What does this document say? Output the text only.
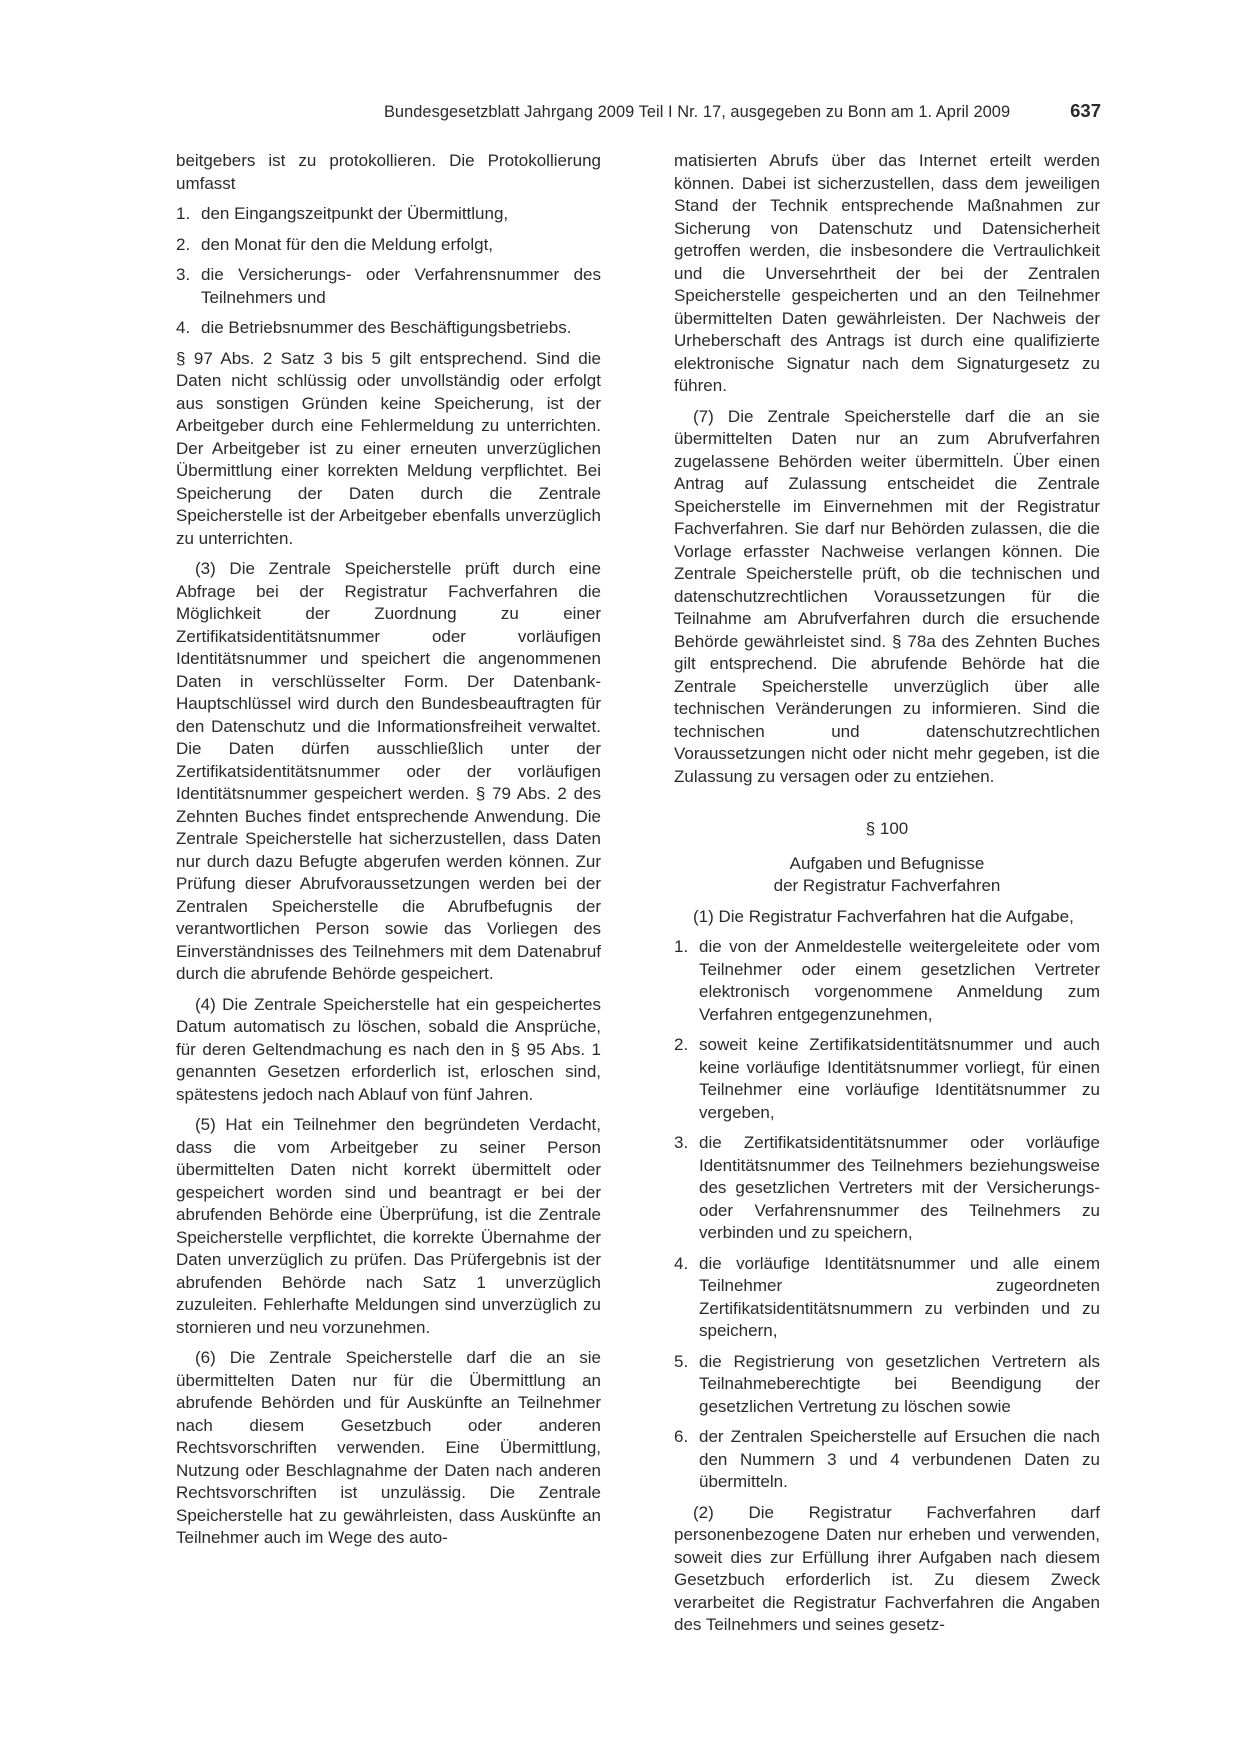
Bundesgesetzblatt Jahrgang 2009 Teil I Nr. 17, ausgegeben zu Bonn am 1. April 2009	637

beitgebers ist zu protokollieren. Die Protokollierung umfasst

1. den Eingangszeitpunkt der Übermittlung,
2. den Monat für den die Meldung erfolgt,
3. die Versicherungs- oder Verfahrensnummer des Teilnehmers und
4. die Betriebsnummer des Beschäftigungsbetriebs.

§ 97 Abs. 2 Satz 3 bis 5 gilt entsprechend. Sind die Daten nicht schlüssig oder unvollständig oder erfolgt aus sonstigen Gründen keine Speicherung, ist der Arbeitgeber durch eine Fehlermeldung zu unterrichten. Der Arbeitgeber ist zu einer erneuten unverzüglichen Übermittlung einer korrekten Meldung verpflichtet. Bei Speicherung der Daten durch die Zentrale Speicherstelle ist der Arbeitgeber ebenfalls unverzüglich zu unterrichten.

(3) Die Zentrale Speicherstelle prüft durch eine Abfrage bei der Registratur Fachverfahren die Möglichkeit der Zuordnung zu einer Zertifikatsidentitätsnummer oder vorläufigen Identitätsnummer und speichert die angenommenen Daten in verschlüsselter Form. Der Datenbank-Hauptschlüssel wird durch den Bundesbeauftragten für den Datenschutz und die Informationsfreiheit verwaltet. Die Daten dürfen ausschließlich unter der Zertifikatsidentitätsnummer oder der vorläufigen Identitätsnummer gespeichert werden. § 79 Abs. 2 des Zehnten Buches findet entsprechende Anwendung. Die Zentrale Speicherstelle hat sicherzustellen, dass Daten nur durch dazu Befugte abgerufen werden können. Zur Prüfung dieser Abrufvoraussetzungen werden bei der Zentralen Speicherstelle die Abrufbefugnis der verantwortlichen Person sowie das Vorliegen des Einverständnisses des Teilnehmers mit dem Datenabruf durch die abrufende Behörde gespeichert.

(4) Die Zentrale Speicherstelle hat ein gespeichertes Datum automatisch zu löschen, sobald die Ansprüche, für deren Geltendmachung es nach den in § 95 Abs. 1 genannten Gesetzen erforderlich ist, erloschen sind, spätestens jedoch nach Ablauf von fünf Jahren.

(5) Hat ein Teilnehmer den begründeten Verdacht, dass die vom Arbeitgeber zu seiner Person übermittelten Daten nicht korrekt übermittelt oder gespeichert worden sind und beantragt er bei der abrufenden Behörde eine Überprüfung, ist die Zentrale Speicherstelle verpflichtet, die korrekte Übernahme der Daten unverzüglich zu prüfen. Das Prüfergebnis ist der abrufenden Behörde nach Satz 1 unverzüglich zuzuleiten. Fehlerhafte Meldungen sind unverzüglich zu stornieren und neu vorzunehmen.

(6) Die Zentrale Speicherstelle darf die an sie übermittelten Daten nur für die Übermittlung an abrufende Behörden und für Auskünfte an Teilnehmer nach diesem Gesetzbuch oder anderen Rechtsvorschriften verwenden. Eine Übermittlung, Nutzung oder Beschlagnahme der Daten nach anderen Rechtsvorschriften ist unzulässig. Die Zentrale Speicherstelle hat zu gewährleisten, dass Auskünfte an Teilnehmer auch im Wege des auto-

matisierten Abrufs über das Internet erteilt werden können. Dabei ist sicherzustellen, dass dem jeweiligen Stand der Technik entsprechende Maßnahmen zur Sicherung von Datenschutz und Datensicherheit getroffen werden, die insbesondere die Vertraulichkeit und die Unversehrtheit der bei der Zentralen Speicherstelle gespeicherten und an den Teilnehmer übermittelten Daten gewährleisten. Der Nachweis der Urheberschaft des Antrags ist durch eine qualifizierte elektronische Signatur nach dem Signaturgesetz zu führen.

(7) Die Zentrale Speicherstelle darf die an sie übermittelten Daten nur an zum Abrufverfahren zugelassene Behörden weiter übermitteln. Über einen Antrag auf Zulassung entscheidet die Zentrale Speicherstelle im Einvernehmen mit der Registratur Fachverfahren. Sie darf nur Behörden zulassen, die die Vorlage erfasster Nachweise verlangen können. Die Zentrale Speicherstelle prüft, ob die technischen und datenschutzrechtlichen Voraussetzungen für die Teilnahme am Abrufverfahren durch die ersuchende Behörde gewährleistet sind. § 78a des Zehnten Buches gilt entsprechend. Die abrufende Behörde hat die Zentrale Speicherstelle unverzüglich über alle technischen Veränderungen zu informieren. Sind die technischen und datenschutzrechtlichen Voraussetzungen nicht oder nicht mehr gegeben, ist die Zulassung zu versagen oder zu entziehen.

§ 100
Aufgaben und Befugnisse
der Registratur Fachverfahren

(1) Die Registratur Fachverfahren hat die Aufgabe,

1. die von der Anmeldestelle weitergeleitete oder vom Teilnehmer oder einem gesetzlichen Vertreter elektronisch vorgenommene Anmeldung zum Verfahren entgegenzunehmen,
2. soweit keine Zertifikatsidentitätsnummer und auch keine vorläufige Identitätsnummer vorliegt, für einen Teilnehmer eine vorläufige Identitätsnummer zu vergeben,
3. die Zertifikatsidentitätsnummer oder vorläufige Identitätsnummer des Teilnehmers beziehungsweise des gesetzlichen Vertreters mit der Versicherungs- oder Verfahrensnummer des Teilnehmers zu verbinden und zu speichern,
4. die vorläufige Identitätsnummer und alle einem Teilnehmer zugeordneten Zertifikatsidentitätsnummern zu verbinden und zu speichern,
5. die Registrierung von gesetzlichen Vertretern als Teilnahmeberechtigte bei Beendigung der gesetzlichen Vertretung zu löschen sowie
6. der Zentralen Speicherstelle auf Ersuchen die nach den Nummern 3 und 4 verbundenen Daten zu übermitteln.

(2) Die Registratur Fachverfahren darf personenbezogene Daten nur erheben und verwenden, soweit dies zur Erfüllung ihrer Aufgaben nach diesem Gesetzbuch erforderlich ist. Zu diesem Zweck verarbeitet die Registratur Fachverfahren die Angaben des Teilnehmers und seines gesetz-
